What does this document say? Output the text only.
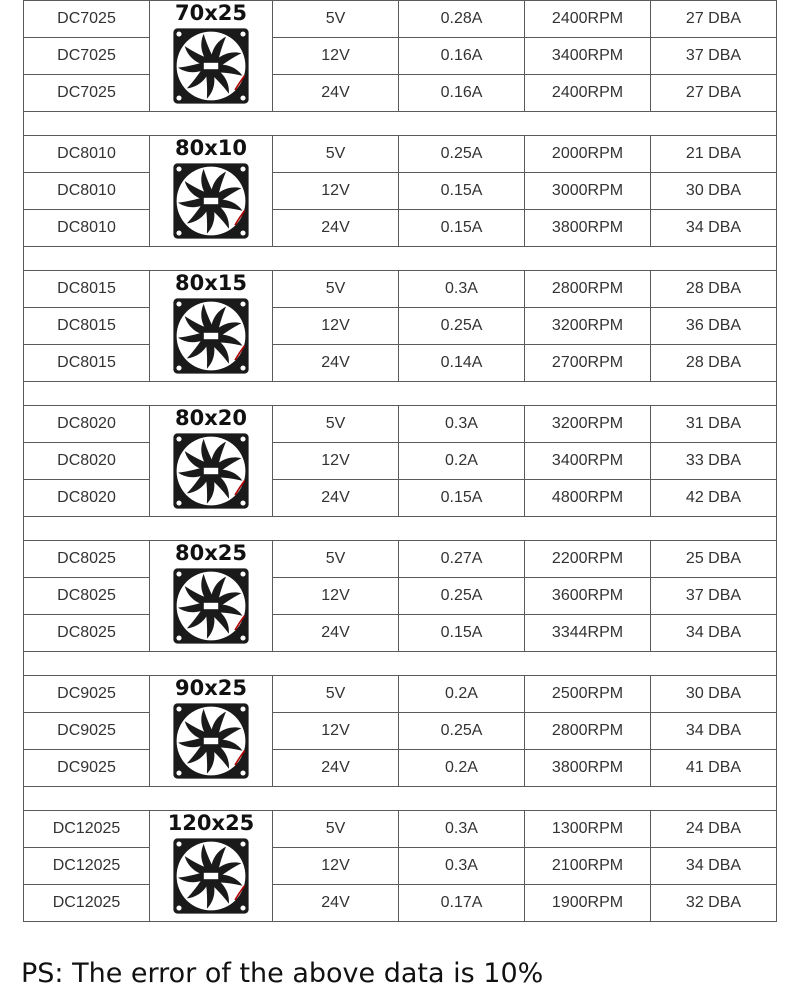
DC7025	70x25	5V	0.28A	2400RPM	27 DBA
DC7025		12V	0.16A	3400RPM	37 DBA
DC7025		24V	0.16A	2400RPM	27 DBA

DC8010	80x10	5V	0.25A	2000RPM	21 DBA
DC8010		12V	0.15A	3000RPM	30 DBA
DC8010		24V	0.15A	3800RPM	34 DBA

DC8015	80x15	5V	0.3A	2800RPM	28 DBA
DC8015		12V	0.25A	3200RPM	36 DBA
DC8015		24V	0.14A	2700RPM	28 DBA

DC8020	80x20	5V	0.3A	3200RPM	31 DBA
DC8020		12V	0.2A	3400RPM	33 DBA
DC8020		24V	0.15A	4800RPM	42 DBA

DC8025	80x25	5V	0.27A	2200RPM	25 DBA
DC8025		12V	0.25A	3600RPM	37 DBA
DC8025		24V	0.15A	3344RPM	34 DBA

DC9025	90x25	5V	0.2A	2500RPM	30 DBA
DC9025		12V	0.25A	2800RPM	34 DBA
DC9025		24V	0.2A	3800RPM	41 DBA

DC12025	120x25	5V	0.3A	1300RPM	24 DBA
DC12025		12V	0.3A	2100RPM	34 DBA
DC12025		24V	0.17A	1900RPM	32 DBA
PS: The error of the above data is 10%
